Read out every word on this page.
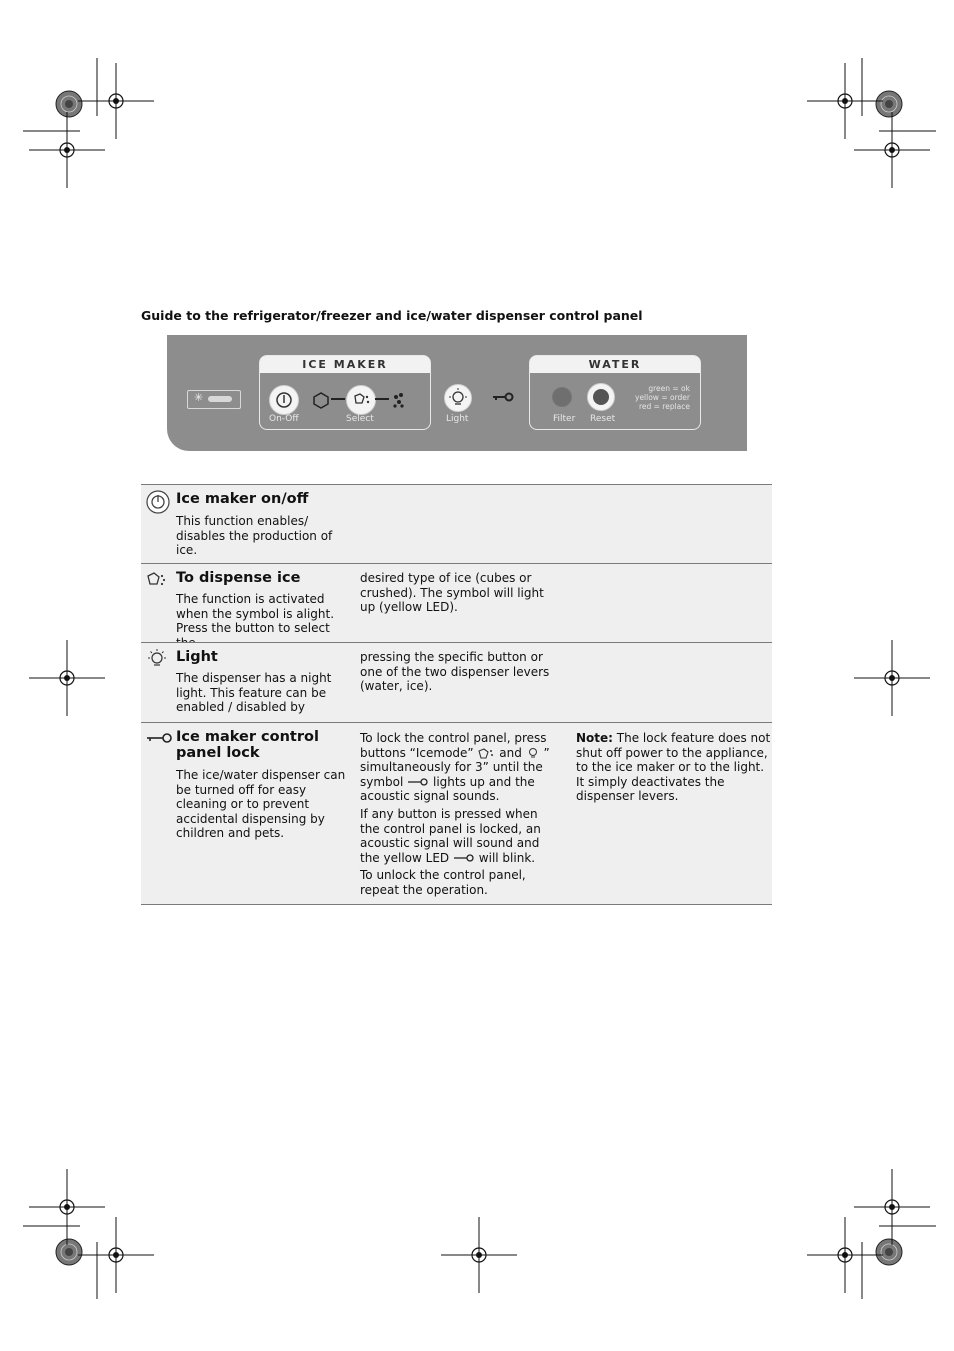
Guide to the refrigerator/freezer and ice/water dispenser control panel
✳
ICE MAKER
On-Off	Select	Light
WATER
Filter Reset
green = ok
yellow = order
red = replace
Ice maker on/off
This function enables/ disables the production of ice.
To dispense ice
The function is activated when the symbol is alight. Press the button to select
desired type of ice (cubes or crushed). The symbol will light up (yellow LED).
Light
The dispenser has a night light. This feature can be enabled / disabled by
pressing the specific button or one of the two dispenser levers (water, ice).
Ice maker control panel lock
The ice/water dispenser can be turned off for easy cleaning or to prevent accidental dispensing by children and pets.

To lock the control panel, press buttons “Icemode” and ” simultaneously for 3” until the symbol lights up and the acoustic signal sounds.

If any button is pressed when the control panel is locked, an acoustic signal will sound and the yellow LED will blink.

To unlock the control panel, repeat the operation.

Note: The lock feature does not shut off power to the appliance, to the ice maker or to the light. It simply deactivates the dispenser levers.
